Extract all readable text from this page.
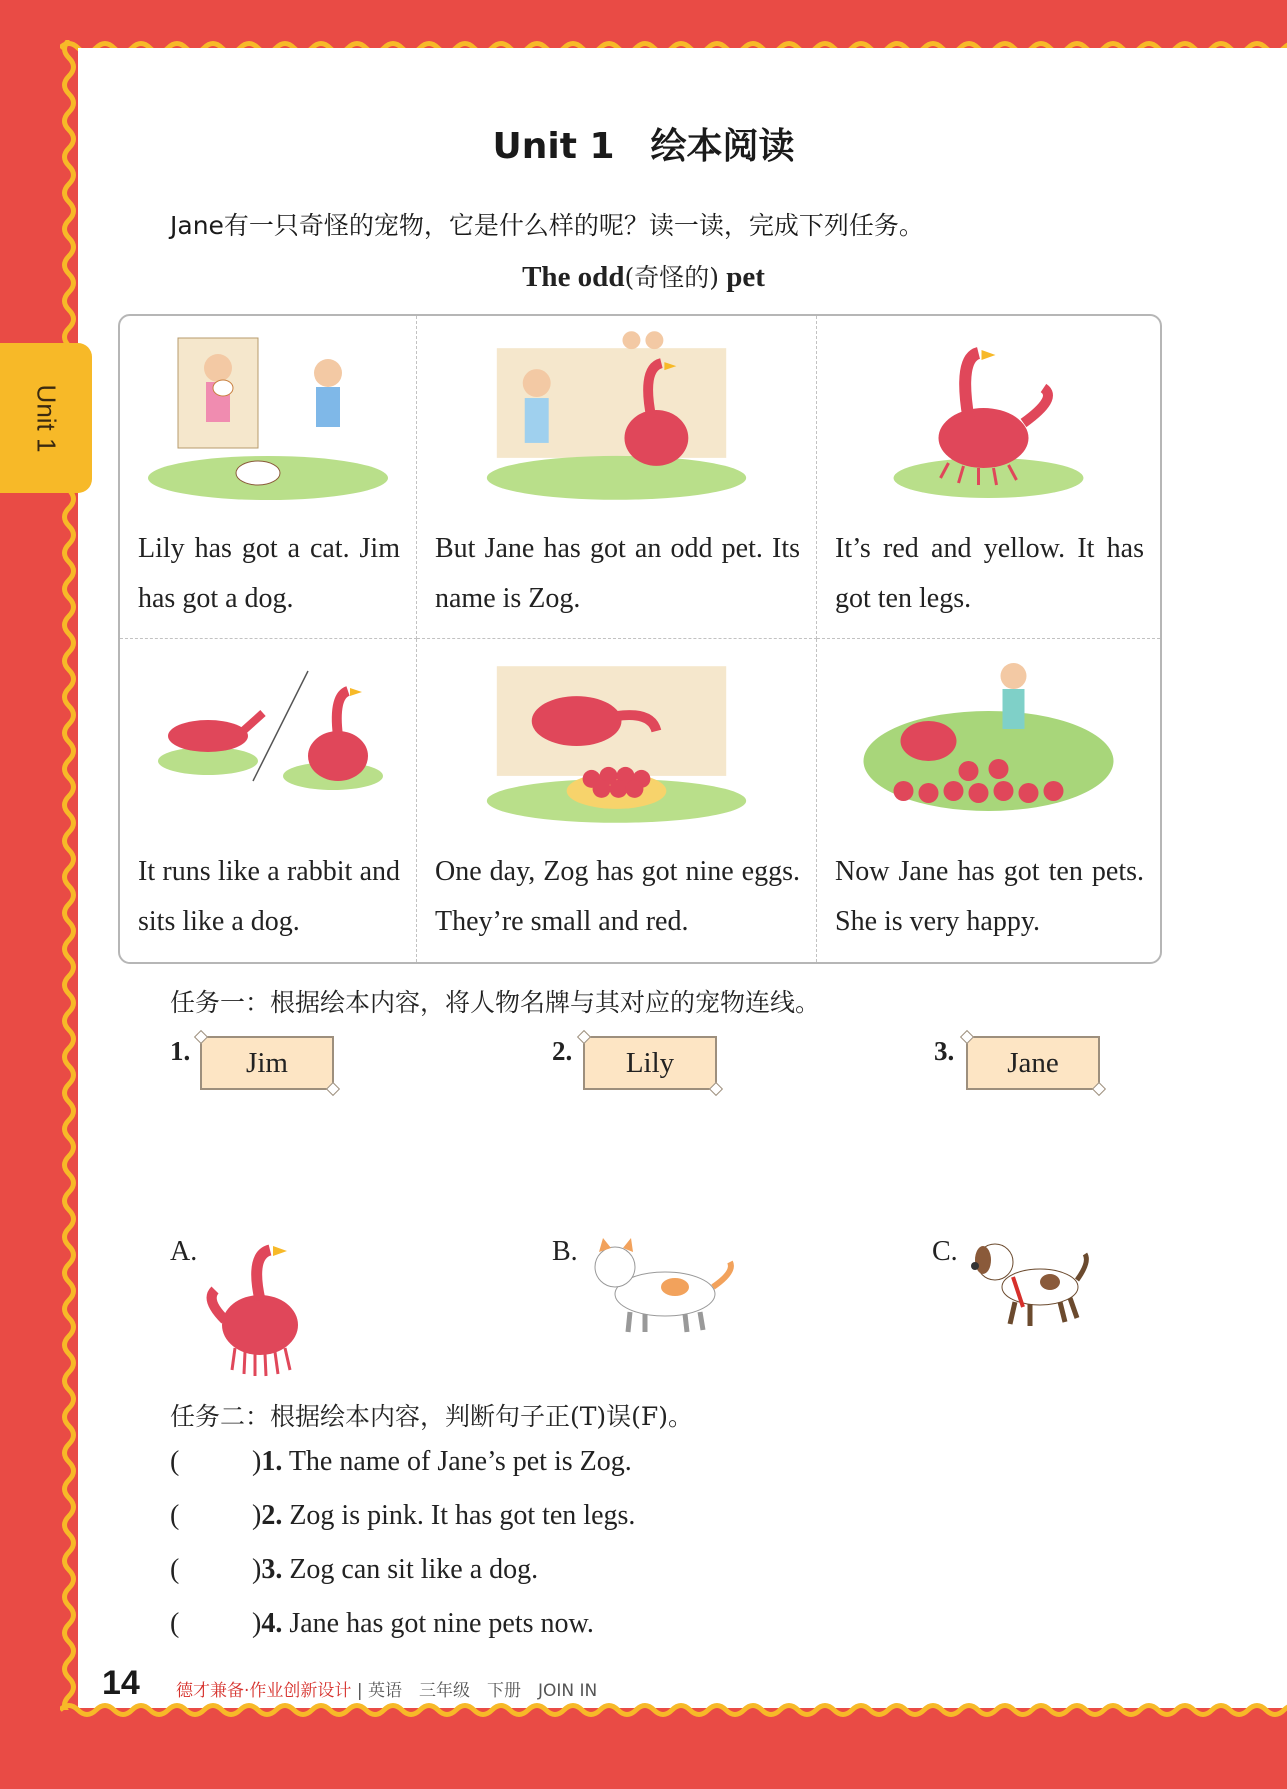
Unit 1
Unit 1　绘本阅读
Jane有一只奇怪的宠物，它是什么样的呢？读一读，完成下列任务。
The odd(奇怪的) pet
Lily has got a cat. Jim has got a dog.
But Jane has got an odd pet. Its name is Zog.
It’s red and yellow. It has got ten legs.
It runs like a rabbit and sits like a dog.
One day, Zog has got nine eggs. They’re small and red.
Now Jane has got ten pets. She is very happy.
任务一：根据绘本内容，将人物名牌与其对应的宠物连线。
1.	Jim	2.	Lily	3.	Jane
A.	B.	C.
任务二：根据绘本内容，判断句子正(T)误(F)。
(	)1. The name of Jane’s pet is Zog.
(	)2. Zog is pink. It has got ten legs.
(	)3. Zog can sit like a dog.
(	)4. Jane has got nine pets now.
14 德才兼备·作业创新设计 | 英语　三年级　下册　JOIN IN
